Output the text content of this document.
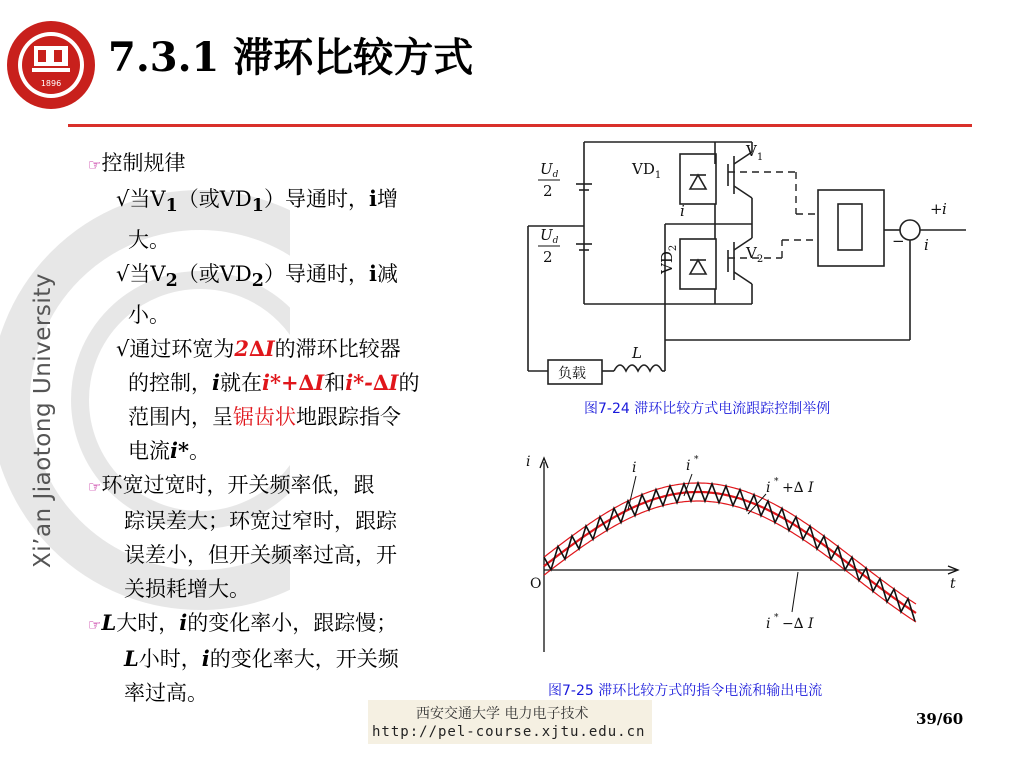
Xi’an Jiaotong University
1896
7.3.1 滞环比较方式

☞控制规律

√当$V_1$（或$VD_1$）导通时，i增

大。

√当$V_2$（或$VD_2$）导通时，i减

小。

√通过环宽为2∆I的滞环比较器

的控制，i就在i*+∆I和i*-∆I的

范围内，呈锯齿状地跟踪指令

电流i*。

☞环宽过宽时，开关频率低，跟

踪误差大；环宽过窄时，跟踪

误差小，但开关频率过高，开

关损耗增大。

☞L大时，i的变化率小，跟踪慢；

L小时，i的变化率大，开关频

率过高。

$U_d$
2
$U_d$
2
$VD_1$
$V_1$
$V_2$
i	+ i
− i
负载
L
$VD_2$
图7-24 滞环比较方式电流跟踪控制举例
i
t
O
i	i *
i * +∆ I
i * −∆ I
图7-25 滞环比较方式的指令电流和输出电流
西安交通大学 电力电子技术
http://pel-course.xjtu.edu.cn
39/60
